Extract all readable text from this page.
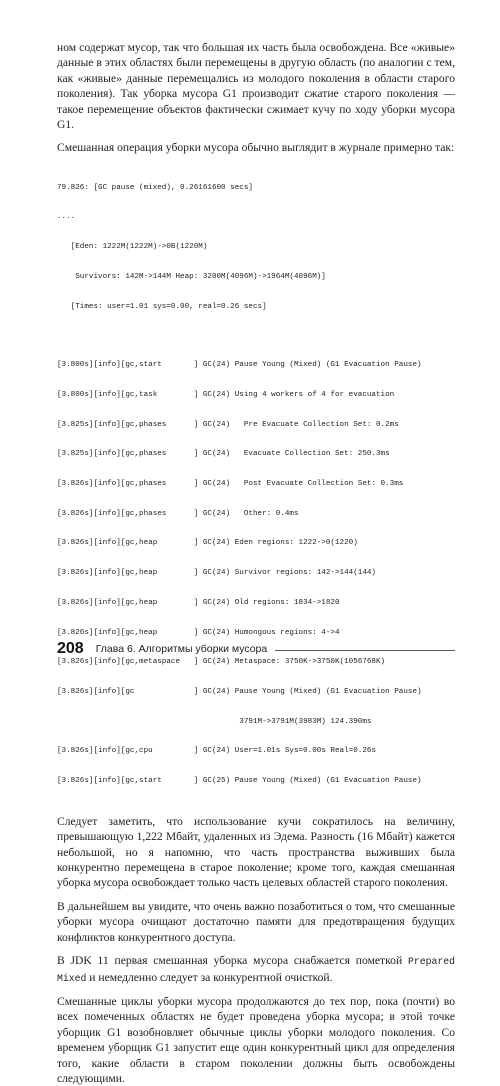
ном содержат мусор, так что большая их часть была освобождена. Все «живые» данные в этих областях были перемещены в другую область (по аналогии с тем, как «живые» данные перемещались из молодого поколения в области старого поколения). Так уборка мусора G1 производит сжатие старого поколения — такое перемещение объектов фактически сжимает кучу по ходу уборки мусора G1.

Смешанная операция уборки мусора обычно выглядит в журнале примерно так:

79.826: [GC pause (mixed), 0.26161600 secs]

....

[Eden: 1222M(1222M)->0B(1220M)

Survivors: 142M->144M Heap: 3200M(4096M)->1964M(4096M)]

[Times: user=1.01 sys=0.00, real=0.26 secs]

[3.800s][info][gc,start       ] GC(24) Pause Young (Mixed) (G1 Evacuation Pause)

[3.800s][info][gc,task        ] GC(24) Using 4 workers of 4 for evacuation

[3.825s][info][gc,phases      ] GC(24)   Pre Evacuate Collection Set: 0.2ms

[3.825s][info][gc,phases      ] GC(24)   Evacuate Collection Set: 250.3ms

[3.826s][info][gc,phases      ] GC(24)   Post Evacuate Collection Set: 0.3ms

[3.826s][info][gc,phases      ] GC(24)   Other: 0.4ms

[3.826s][info][gc,heap        ] GC(24) Eden regions: 1222->0(1220)

[3.826s][info][gc,heap        ] GC(24) Survivor regions: 142->144(144)

[3.826s][info][gc,heap        ] GC(24) Old regions: 1834->1820

[3.826s][info][gc,heap        ] GC(24) Humongous regions: 4->4

[3.826s][info][gc,metaspace   ] GC(24) Metaspace: 3750K->3750K(1056768K)

[3.826s][info][gc             ] GC(24) Pause Young (Mixed) (G1 Evacuation Pause)

3791M->3791M(3983M) 124.390ms

[3.826s][info][gc,cpu         ] GC(24) User=1.01s Sys=0.00s Real=0.26s

[3.826s][info][gc,start       ] GC(25) Pause Young (Mixed) (G1 Evacuation Pause)

Следует заметить, что использование кучи сократилось на величину, превышающую 1,222 Мбайт, удаленных из Эдема. Разность (16 Мбайт) кажется небольшой, но я напомню, что часть пространства выживших была конкурентно перемещена в старое поколение; кроме того, каждая смешанная уборка мусора освобождает только часть целевых областей старого поколения.

В дальнейшем вы увидите, что очень важно позаботиться о том, что смешанные уборки мусора очищают достаточно памяти для предотвращения будущих конфликтов конкурентного доступа.

В JDK 11 первая смешанная уборка мусора снабжается пометкой Prepared Mixed и немедленно следует за конкурентной очисткой.

Смешанные циклы уборки мусора продолжаются до тех пор, пока (почти) во всех помеченных областях не будет проведена уборка мусора; в этой точке уборщик G1 возобновляет обычные циклы уборки молодого поколения. Со временем уборщик G1 запустит еще один конкурентный цикл для определения того, какие области в старом поколении должны быть освобождены следующими.

208 Глава 6. Алгоритмы уборки мусора
